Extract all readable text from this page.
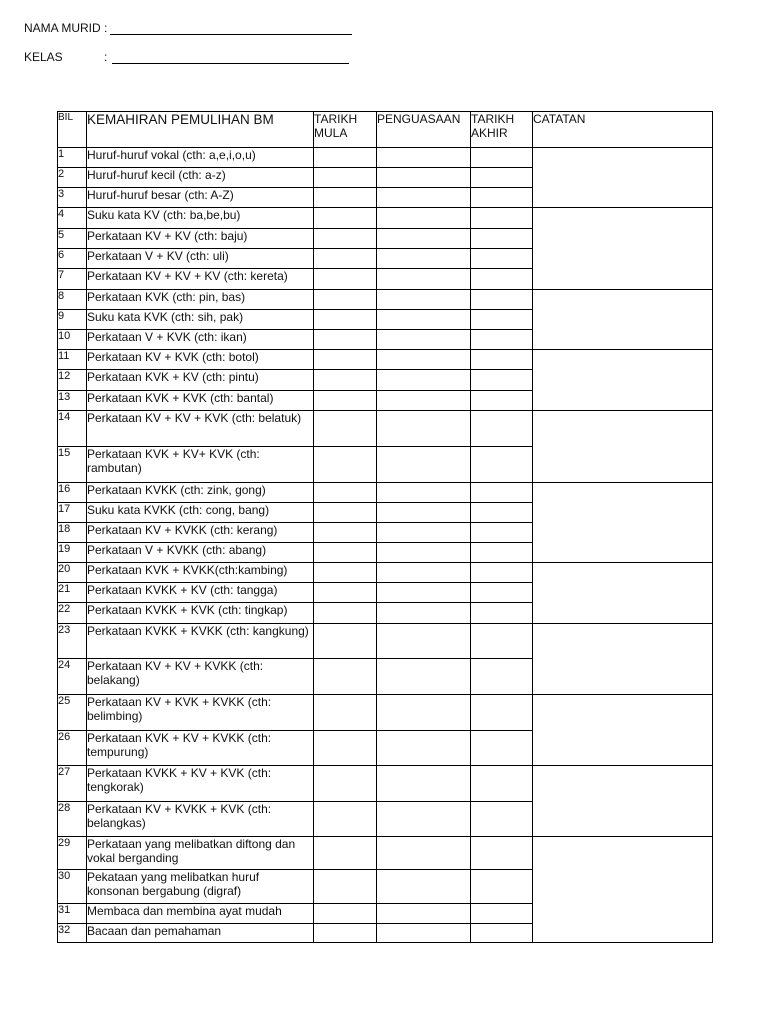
NAMA MURID :
KELAS	:
BIL	KEMAHIRAN PEMULIHAN BM	TARIKH MULA	PENGUASAAN	TARIKH AKHIR	CATATAN
1	Huruf-huruf vokal (cth: a,e,i,o,u)				
2	Huruf-huruf kecil (cth: a-z)				
3	Huruf-huruf besar (cth: A-Z)				
4	Suku kata KV (cth: ba,be,bu)				
5	Perkataan KV + KV (cth: baju)				
6	Perkataan V + KV (cth: uli)				
7	Perkataan KV + KV + KV (cth: kereta)				
8	Perkataan KVK (cth: pin, bas)				
9	Suku kata KVK (cth: sih, pak)				
10	Perkataan V + KVK (cth: ikan)				
11	Perkataan KV + KVK (cth: botol)				
12	Perkataan KVK + KV (cth: pintu)				
13	Perkataan KVK + KVK (cth: bantal)				
14	Perkataan KV + KV + KVK (cth: belatuk)				
15	Perkataan KVK + KV+ KVK (cth: rambutan)				
16	Perkataan KVKK (cth: zink, gong)				
17	Suku kata KVKK (cth: cong, bang)				
18	Perkataan KV + KVKK (cth: kerang)				
19	Perkataan V + KVKK (cth: abang)				
20	Perkataan KVK + KVKK(cth:kambing)				
21	Perkataan KVKK + KV (cth: tangga)				
22	Perkataan KVKK + KVK (cth: tingkap)				
23	Perkataan KVKK + KVKK (cth: kangkung)				
24	Perkataan KV + KV + KVKK (cth: belakang)				
25	Perkataan KV + KVK + KVKK (cth: belimbing)				
26	Perkataan KVK + KV + KVKK (cth: tempurung)				
27	Perkataan KVKK + KV + KVK (cth: tengkorak)				
28	Perkataan KV + KVKK + KVK (cth: belangkas)				
29	Perkataan yang melibatkan diftong dan vokal berganding				
30	Pekataan yang melibatkan huruf konsonan bergabung (digraf)				
31	Membaca dan membina ayat mudah				
32	Bacaan dan pemahaman				
